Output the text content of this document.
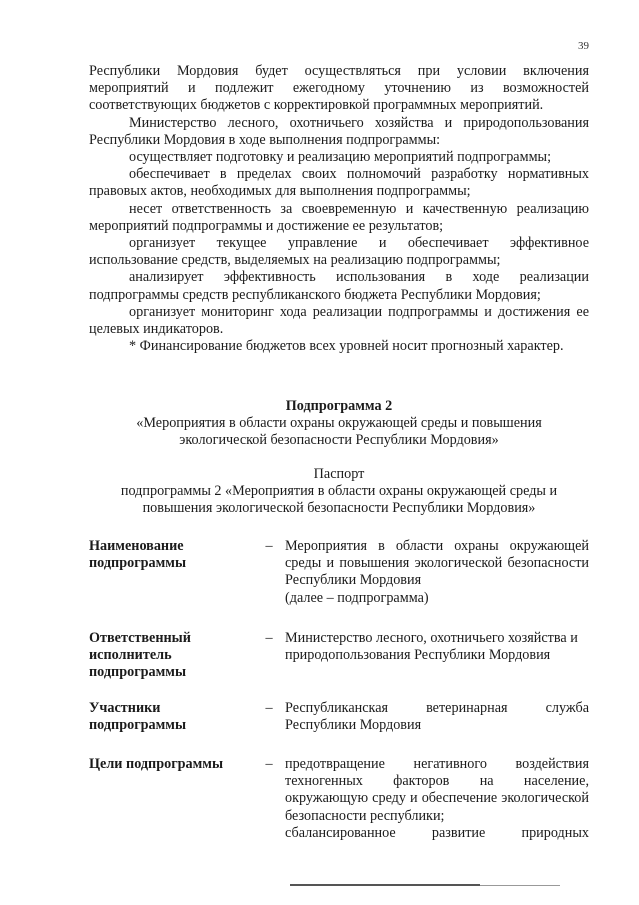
39

Республики Мордовия будет осуществляться при условии включения мероприятий и подлежит ежегодному уточнению из возможностей соответствующих бюджетов с корректировкой программных мероприятий.

Министерство лесного, охотничьего хозяйства и природопользования Республики Мордовия в ходе выполнения подпрограммы:

осуществляет подготовку и реализацию мероприятий подпрограммы;

обеспечивает в пределах своих полномочий разработку нормативных правовых актов, необходимых для выполнения подпрограммы;

несет ответственность за своевременную и качественную реализацию мероприятий подпрограммы и достижение ее результатов;

организует текущее управление и обеспечивает эффективное использование средств, выделяемых на реализацию подпрограммы;

анализирует эффективность использования в ходе реализации подпрограммы средств республиканского бюджета Республики Мордовия;

организует мониторинг хода реализации подпрограммы и достижения ее целевых индикаторов.

* Финансирование бюджетов всех уровней носит прогнозный характер.

Подпрограмма 2
«Мероприятия в области охраны окружающей среды и повышения экологической безопасности Республики Мордовия»
Паспорт
подпрограммы 2 «Мероприятия в области охраны окружающей среды и повышения экологической безопасности Республики Мордовия»
Наименование подпрограммы
– Мероприятия в области охраны окружающей среды и повышения экологической безопасности Республики Мордовия

(далее – подпрограмма)

Ответственный исполнитель подпрограммы
– Министерство лесного, охотничьего хозяйства и природопользования Республики Мордовия

Участники подпрограммы
– Республиканская ветеринарная служба Республики Мордовия

Цели подпрограммы	– предотвращение негативного воздействия техногенных факторов на население, окружающую среду и обеспечение экологической безопасности республики;

сбалансированное развитие природных
